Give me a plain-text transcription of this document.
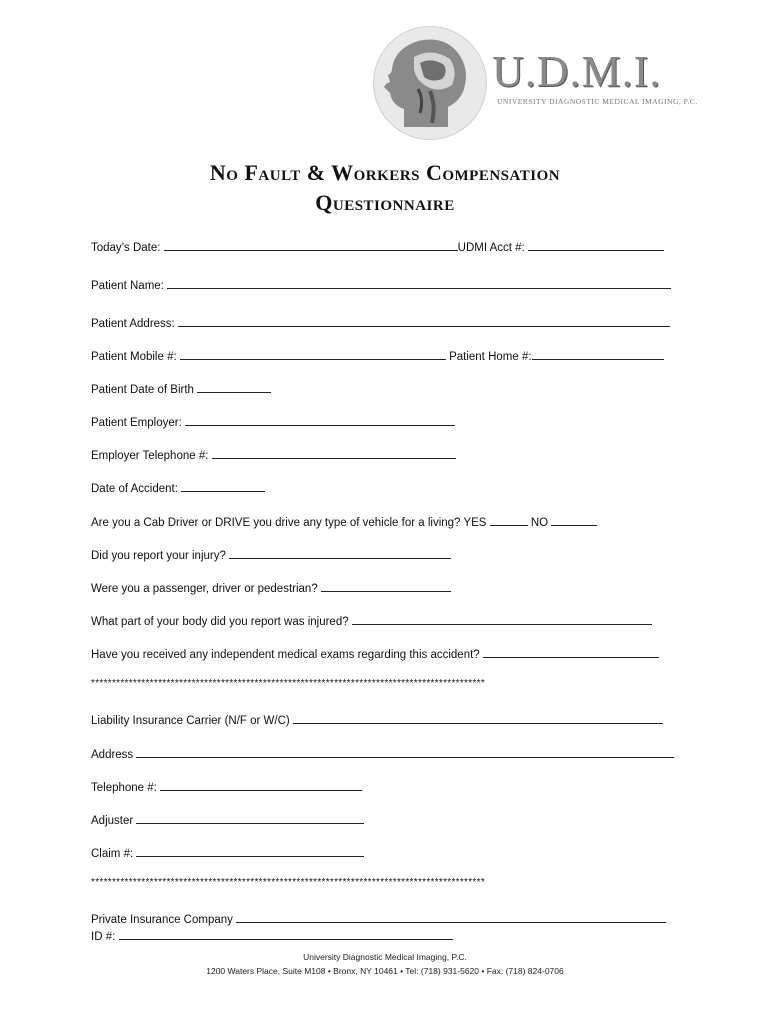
U.D.M.I.
UNIVERSITY DIAGNOSTIC MEDICAL IMAGING, P.C.
No Fault & Workers Compensation
Questionnaire
Today’s Date:	UDMI Acct #:
Patient Name:
Patient Address:
Patient Mobile #:	Patient Home #:
Patient Date of Birth
Patient Employer:
Employer Telephone #:
Date of Accident:
Are you a Cab Driver or DRIVE you drive any type of vehicle for a living? YES	NO
Did you report your injury?
Were you a passenger, driver or pedestrian?
What part of your body did you report was injured?
Have you received any independent medical exams regarding this accident?
**********************************************************************************************
Liability Insurance Carrier (N/F or W/C)
Address
Telephone #:
Adjuster
Claim #:
**********************************************************************************************
Private Insurance Company
ID #:
University Diagnostic Medical Imaging, P.C.
1200 Waters Place, Suite M108 • Bronx, NY 10461 • Tel: (718) 931-5620 • Fax: (718) 824-0706
